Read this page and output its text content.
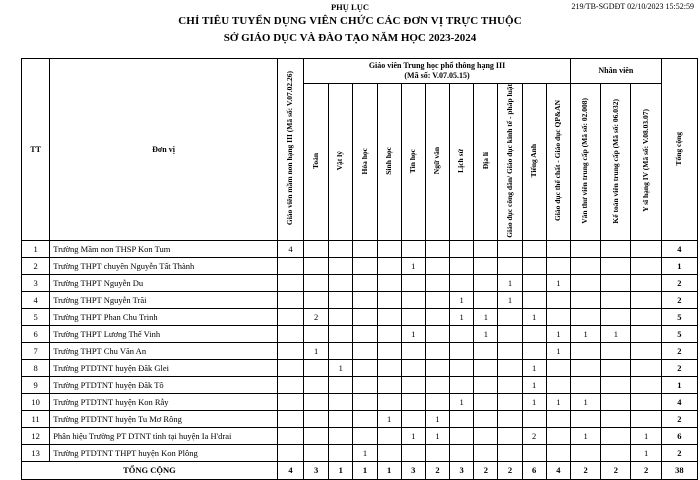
219/TB-SGDĐT 02/10/2023 15:52:59
PHỤ LỤC
CHỈ TIÊU TUYỂN DỤNG VIÊN CHỨC CÁC ĐƠN VỊ TRỰC THUỘC
SỞ GIÁO DỤC VÀ ĐÀO TẠO NĂM HỌC 2023-2024
TT	Đơn vị	Giáo viên mầm non hạng III (Mã số: V.07.02.26)	Giáo viên Trung học phổ thông hạng III
(Mã số: V.07.05.15)											Nhân viên			Tổng cộng
			Toán	Vật lý	Hóa học	Sinh học	Tin học	Ngữ văn	Lịch sử	Địa lí	Giáo dục công dân/ Giáo dục kinh tế - pháp luật	Tiếng Anh	Giáo dục thể chất - Giáo dục QP&AN	Văn thư viên trung cấp (Mã số: 02.008)	Kế toán viên trung cấp (Mã số: 06.032)	Y sĩ hạng IV (Mã số: V.08.03.07)	
1	Trường Mầm non THSP Kon Tum	4															4
2	Trường THPT chuyên Nguyễn Tất Thành						1										1
3	Trường THPT Nguyễn Du										1		1				2
4	Trường THPT Nguyễn Trãi								1		1						2
5	Trường THPT Phan Chu Trinh		2						1	1		1					5
6	Trường THPT Lương Thế Vinh						1			1			1	1	1		5
7	Trường THPT Chu Văn An		1										1				2
8	Trường PTDTNT huyện Đăk Glei			1								1					2
9	Trường PTDTNT huyện Đăk Tô											1					1
10	Trường PTDTNT huyện Kon Rẫy								1			1	1	1			4
11	Trường PTDTNT huyện Tu Mơ Rông					1		1									2
12	Phân hiệu Trường PT DTNT tỉnh tại huyện Ia H'drai						1	1				2		1		1	6
13	Trường PTDTNT THPT huyện Kon Plông				1											1	2
TỔNG CỘNG		4	3	1	1	1	3	2	3	2	2	6	4	2	2	2	38
